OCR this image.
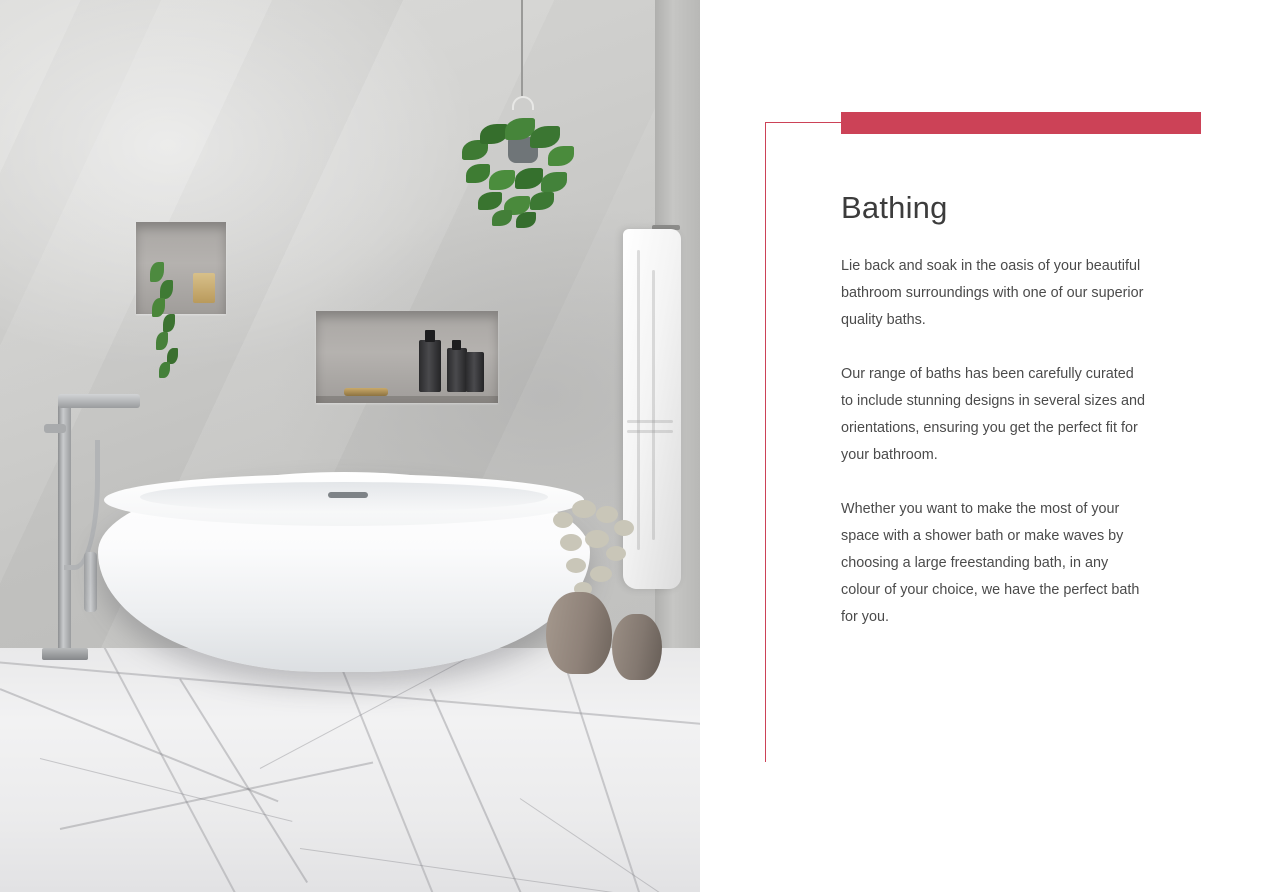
Bathing

Lie back and soak in the oasis of your beautiful bathroom surroundings with one of our superior quality baths.

Our range of baths has been carefully curated to include stunning designs in several sizes and orientations, ensuring you get the perfect fit for your bathroom.

Whether you want to make the most of your space with a shower bath or make waves by choosing a large freestanding bath, in any colour of your choice, we have the perfect bath for you.
